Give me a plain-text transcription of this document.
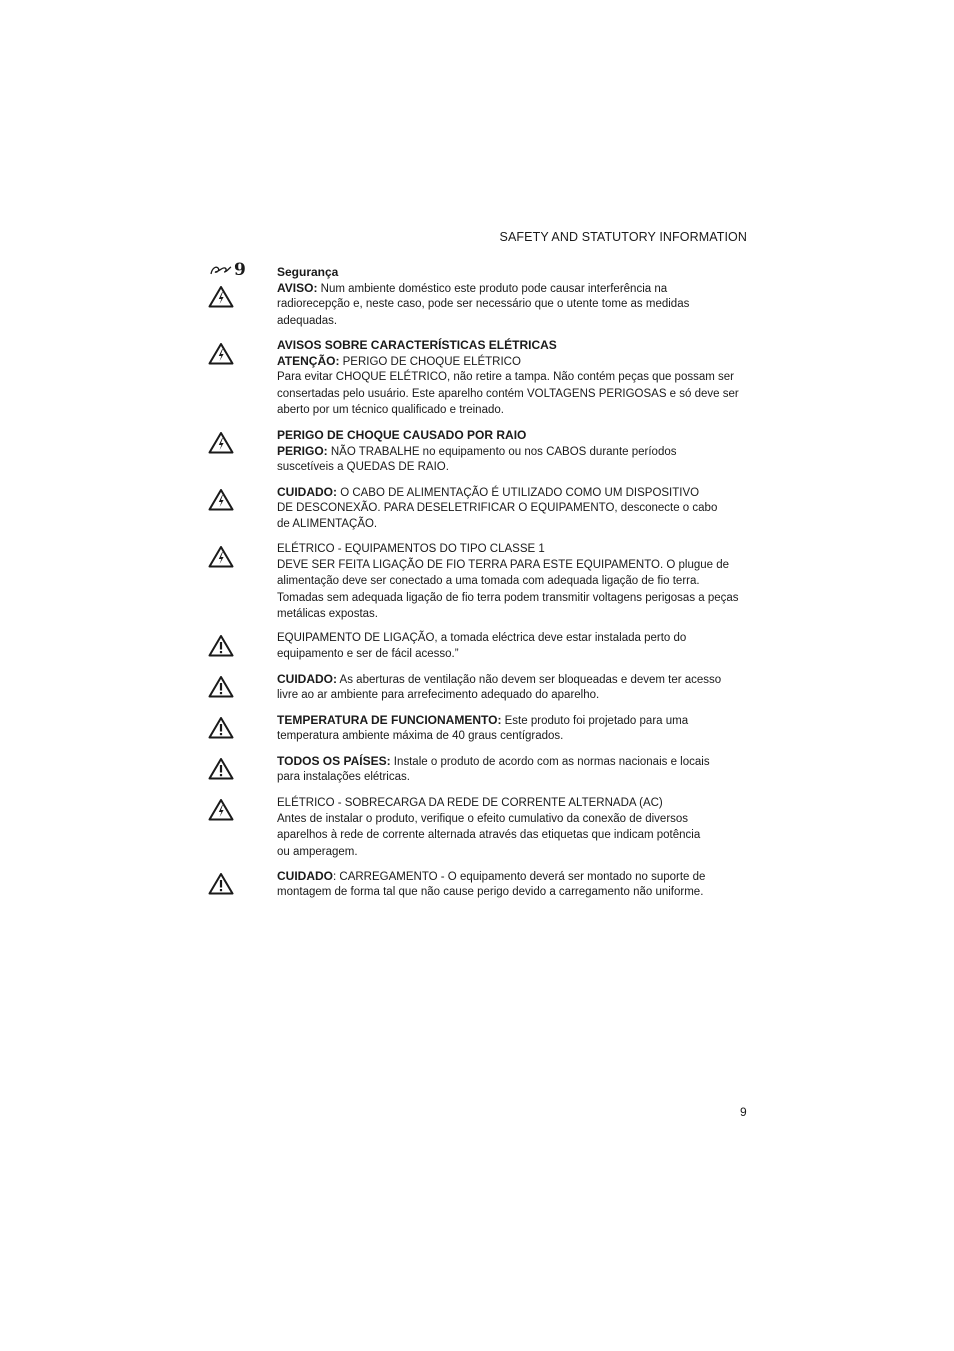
SAFETY AND STATUTORY INFORMATION
9	Segurança
AVISO: Num ambiente doméstico este produto pode causar interferência na
radiorecepção e, neste caso, pode ser necessário que o utente tome as medidas
adequadas.
AVISOS SOBRE CARACTERÍSTICAS ELÉTRICAS
ATENÇÃO: PERIGO DE CHOQUE ELÉTRICO
Para evitar CHOQUE ELÉTRICO, não retire a tampa. Não contém peças que possam ser
consertadas pelo usuário. Este aparelho contém VOLTAGENS PERIGOSAS e só deve ser
aberto por um técnico qualificado e treinado.
PERIGO DE CHOQUE CAUSADO POR RAIO
PERIGO: NÃO TRABALHE no equipamento ou nos CABOS durante períodos
suscetíveis a QUEDAS DE RAIO.
CUIDADO: O CABO DE ALIMENTAÇÃO É UTILIZADO COMO UM DISPOSITIVO
DE DESCONEXÃO. PARA DESELETRIFICAR O EQUIPAMENTO, desconecte o cabo
de ALIMENTAÇÃO.
ELÉTRICO - EQUIPAMENTOS DO TIPO CLASSE 1
DEVE SER FEITA LIGAÇÃO DE FIO TERRA PARA ESTE EQUIPAMENTO. O plugue de
alimentação deve ser conectado a uma tomada com adequada ligação de fio terra.
Tomadas sem adequada ligação de fio terra podem transmitir voltagens perigosas a peças
metálicas expostas.
EQUIPAMENTO DE LIGAÇÃO, a tomada eléctrica deve estar instalada perto do
equipamento e ser de fácil acesso.”
CUIDADO: As aberturas de ventilação não devem ser bloqueadas e devem ter acesso
livre ao ar ambiente para arrefecimento adequado do aparelho.
TEMPERATURA DE FUNCIONAMENTO: Este produto foi projetado para uma
temperatura ambiente máxima de 40 graus centígrados.
TODOS OS PAÍSES: Instale o produto de acordo com as normas nacionais e locais
para instalações elétricas.
ELÉTRICO - SOBRECARGA DA REDE DE CORRENTE ALTERNADA (AC)
Antes de instalar o produto, verifique o efeito cumulativo da conexão de diversos
aparelhos à rede de corrente alternada através das etiquetas que indicam potência
ou amperagem.
CUIDADO: CARREGAMENTO - O equipamento deverá ser montado no suporte de
montagem de forma tal que não cause perigo devido a carregamento não uniforme.
9
